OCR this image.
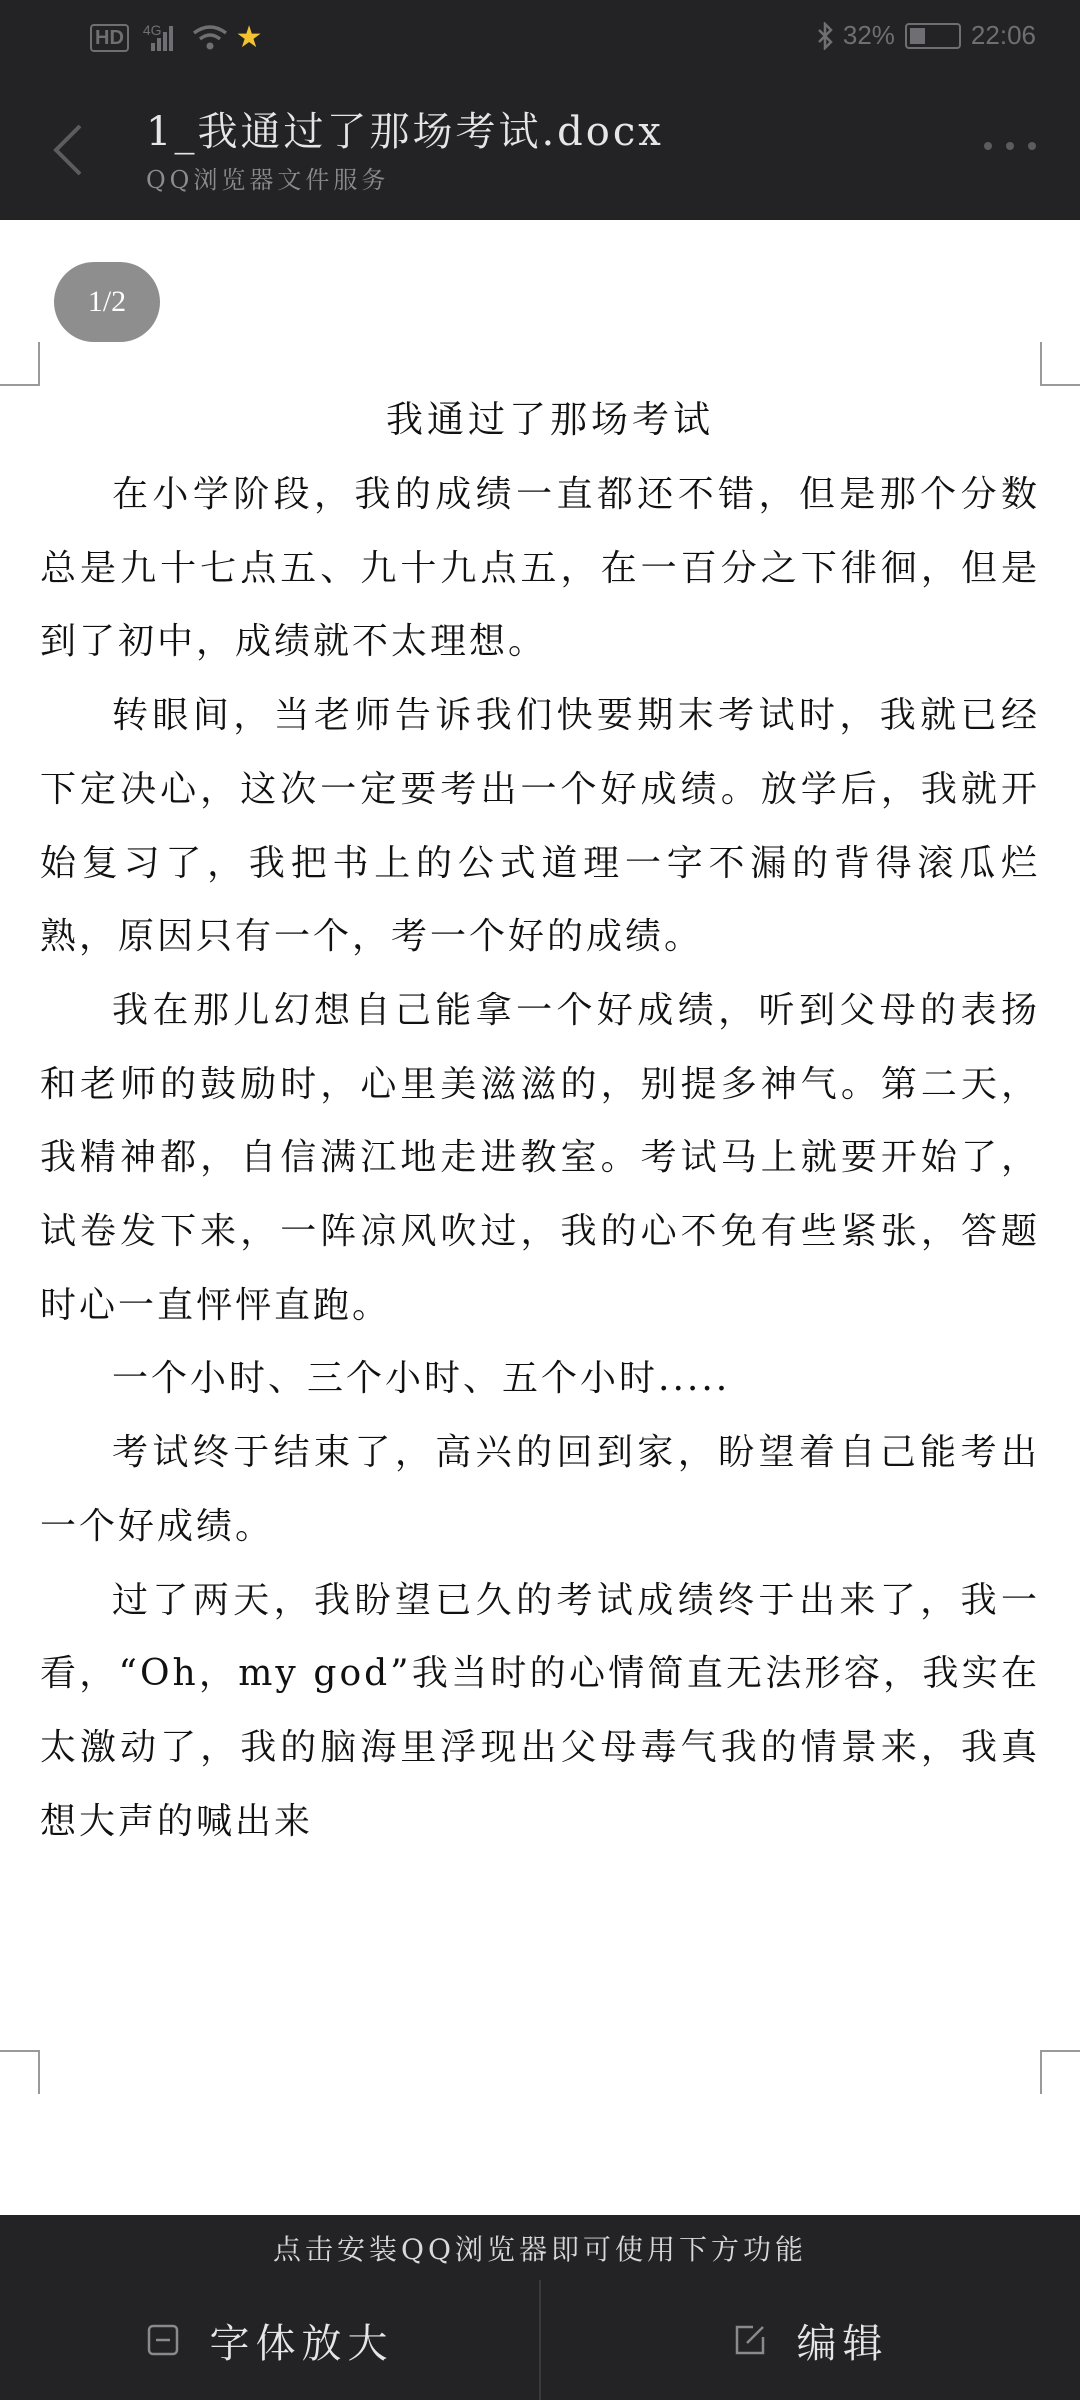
HD	4G ★	32%	22:06
1_我通过了那场考试.docx
QQ浏览器文件服务
1/2

我通过了那场考试

在小学阶段，我的成绩一直都还不错，但是那个分数总是九十七点五、九十九点五，在一百分之下徘徊，但是到了初中，成绩就不太理想。

转眼间，当老师告诉我们快要期末考试时，我就已经下定决心，这次一定要考出一个好成绩。放学后，我就开始复习了，我把书上的公式道理一字不漏的背得滚瓜烂熟，原因只有一个，考一个好的成绩。

我在那儿幻想自己能拿一个好成绩，听到父母的表扬和老师的鼓励时，心里美滋滋的，别提多神气。第二天，我精神都，自信满江地走进教室。考试马上就要开始了，试卷发下来，一阵凉风吹过，我的心不免有些紧张，答题时心一直怦怦直跑。

一个小时、三个小时、五个小时.....

考试终于结束了，高兴的回到家，盼望着自己能考出一个好成绩。

过了两天，我盼望已久的考试成绩终于出来了，我一看，“Oh，my god”我当时的心情简直无法形容，我实在太激动了，我的脑海里浮现出父母毒气我的情景来，我真想大声的喊出来

点击安装QQ浏览器即可使用下方功能
字体放大	编辑
